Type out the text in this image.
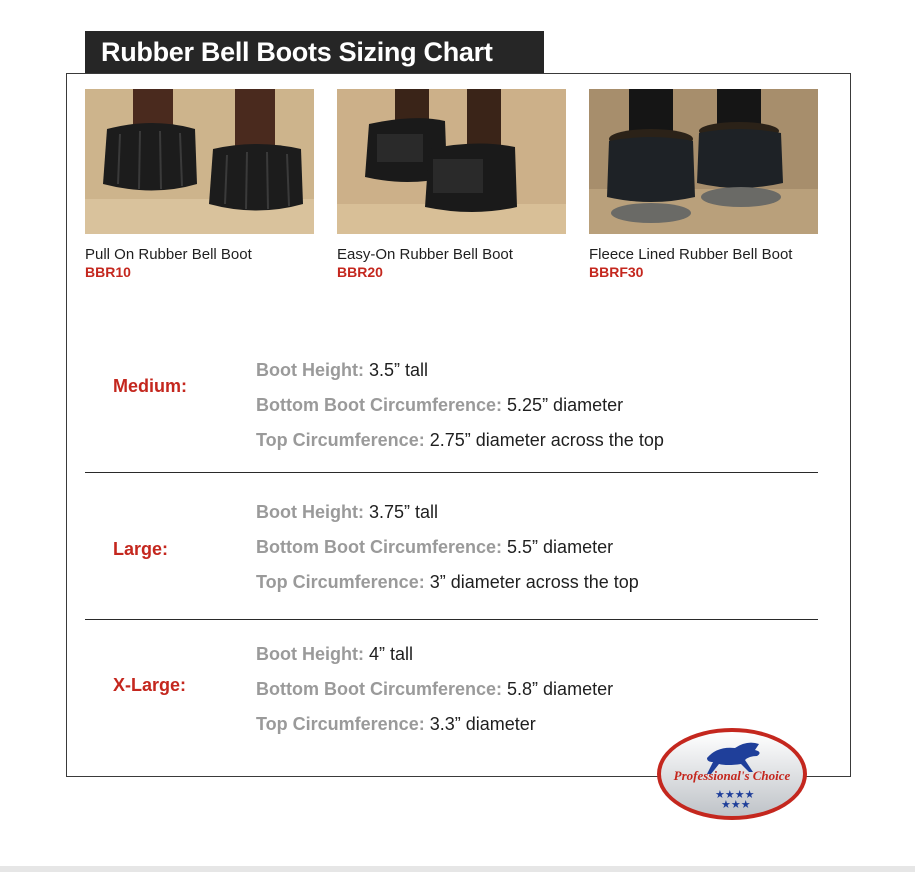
Rubber Bell Boots Sizing Chart
Pull On Rubber Bell Boot
BBR10
Easy-On Rubber Bell Boot
BBR20
Fleece Lined Rubber Bell Boot
BBRF30
Medium:
Boot Height: 3.5” tall
Bottom Boot Circumference: 5.25” diameter
Top Circumference: 2.75” diameter across the top
Large:
Boot Height: 3.75” tall
Bottom Boot Circumference: 5.5” diameter
Top Circumference: 3” diameter across the top
X-Large:
Boot Height: 4” tall
Bottom Boot Circumference: 5.8” diameter
Top Circumference: 3.3” diameter
Professional's Choice
★★★★
★★★
